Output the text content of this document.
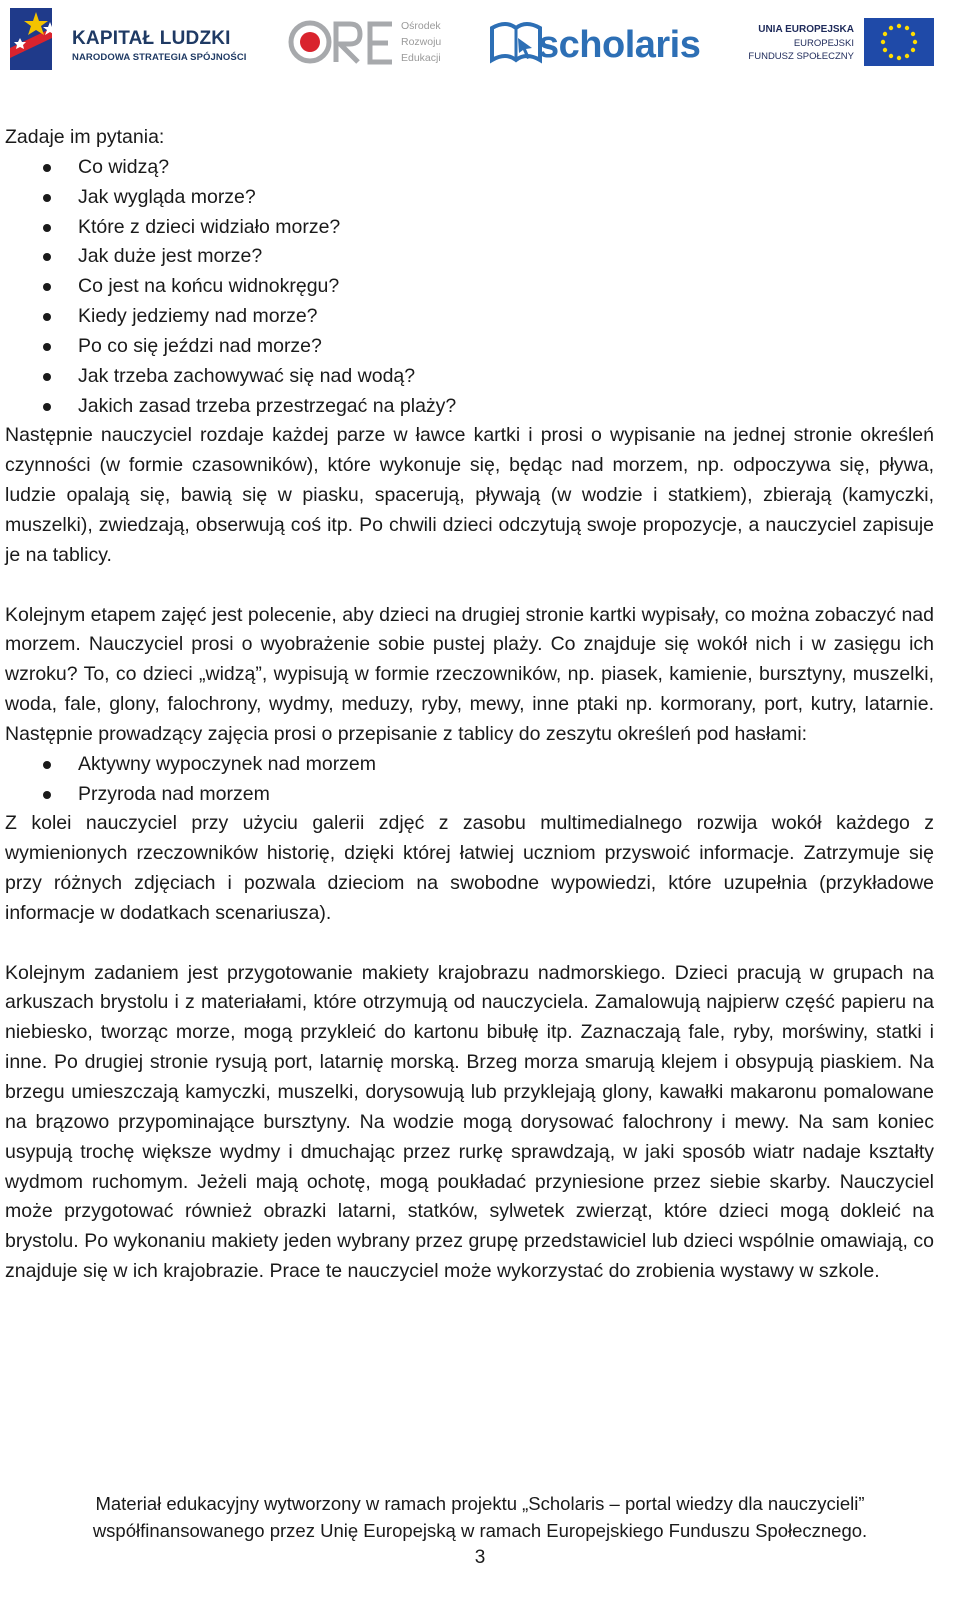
KAPITAŁ LUDZKI
NARODOWA STRATEGIA SPÓJNOŚCI
Ośrodek
Rozwoju
Edukacji	scholaris	UNIA EUROPEJSKA
EUROPEJSKI
FUNDUSZ SPOŁECZNY

Zadaje im pytania:

Co widzą?
Jak wygląda morze?
Które z dzieci widziało morze?
Jak duże jest morze?
Co jest na końcu widnokręgu?
Kiedy jedziemy nad morze?
Po co się jeździ nad morze?
Jak trzeba zachowywać się nad wodą?
Jakich zasad trzeba przestrzegać na plaży?

Następnie nauczyciel rozdaje każdej parze w ławce kartki i prosi o wypisanie na jednej stronie określeń czynności (w formie czasowników), które wykonuje się, będąc nad morzem, np. odpoczywa się, pływa, ludzie opalają się, bawią się w piasku, spacerują, pływają (w wodzie i statkiem), zbierają (kamyczki, muszelki), zwiedzają, obserwują coś itp. Po chwili dzieci odczytują swoje propozycje, a nauczyciel zapisuje je na tablicy.

Kolejnym etapem zajęć jest polecenie, aby dzieci na drugiej stronie kartki wypisały, co można zobaczyć nad morzem. Nauczyciel prosi o wyobrażenie sobie pustej plaży. Co znajduje się wokół nich i w zasięgu ich wzroku? To, co dzieci „widzą”, wypisują w formie rzeczowników, np. piasek, kamienie, bursztyny, muszelki, woda, fale, glony, falochrony, wydmy, meduzy, ryby, mewy, inne ptaki np. kormorany, port, kutry, latarnie. Następnie prowadzący zajęcia prosi o przepisanie z tablicy do zeszytu określeń pod hasłami:

Aktywny wypoczynek nad morzem
Przyroda nad morzem

Z kolei nauczyciel przy użyciu galerii zdjęć z zasobu multimedialnego rozwija wokół każdego z wymienionych rzeczowników historię, dzięki której łatwiej uczniom przyswoić informacje. Zatrzymuje się przy różnych zdjęciach i pozwala dzieciom na swobodne wypowiedzi, które uzupełnia (przykładowe informacje w dodatkach scenariusza).

Kolejnym zadaniem jest przygotowanie makiety krajobrazu nadmorskiego. Dzieci pracują w grupach na arkuszach brystolu i z materiałami, które otrzymują od nauczyciela. Zamalowują najpierw część papieru na niebiesko, tworząc morze, mogą przykleić do kartonu bibułę itp. Zaznaczają fale, ryby, morświny, statki i inne. Po drugiej stronie rysują port, latarnię morską. Brzeg morza smarują klejem i obsypują piaskiem. Na brzegu umieszczają kamyczki, muszelki, dorysowują lub przyklejają glony, kawałki makaronu pomalowane na brązowo przypominające bursztyny. Na wodzie mogą dorysować falochrony i mewy. Na sam koniec usypują trochę większe wydmy i dmuchając przez rurkę sprawdzają, w jaki sposób wiatr nadaje kształty wydmom ruchomym. Jeżeli mają ochotę, mogą poukładać przyniesione przez siebie skarby. Nauczyciel może przygotować również obrazki latarni, statków, sylwetek zwierząt, które dzieci mogą dokleić na brystolu. Po wykonaniu makiety jeden wybrany przez grupę przedstawiciel lub dzieci wspólnie omawiają, co znajduje się w ich krajobrazie. Prace te nauczyciel może wykorzystać do zrobienia wystawy w szkole.

Materiał edukacyjny wytworzony w ramach projektu „Scholaris – portal wiedzy dla nauczycieli”
współfinansowanego przez Unię Europejską w ramach Europejskiego Funduszu Społecznego.
3
